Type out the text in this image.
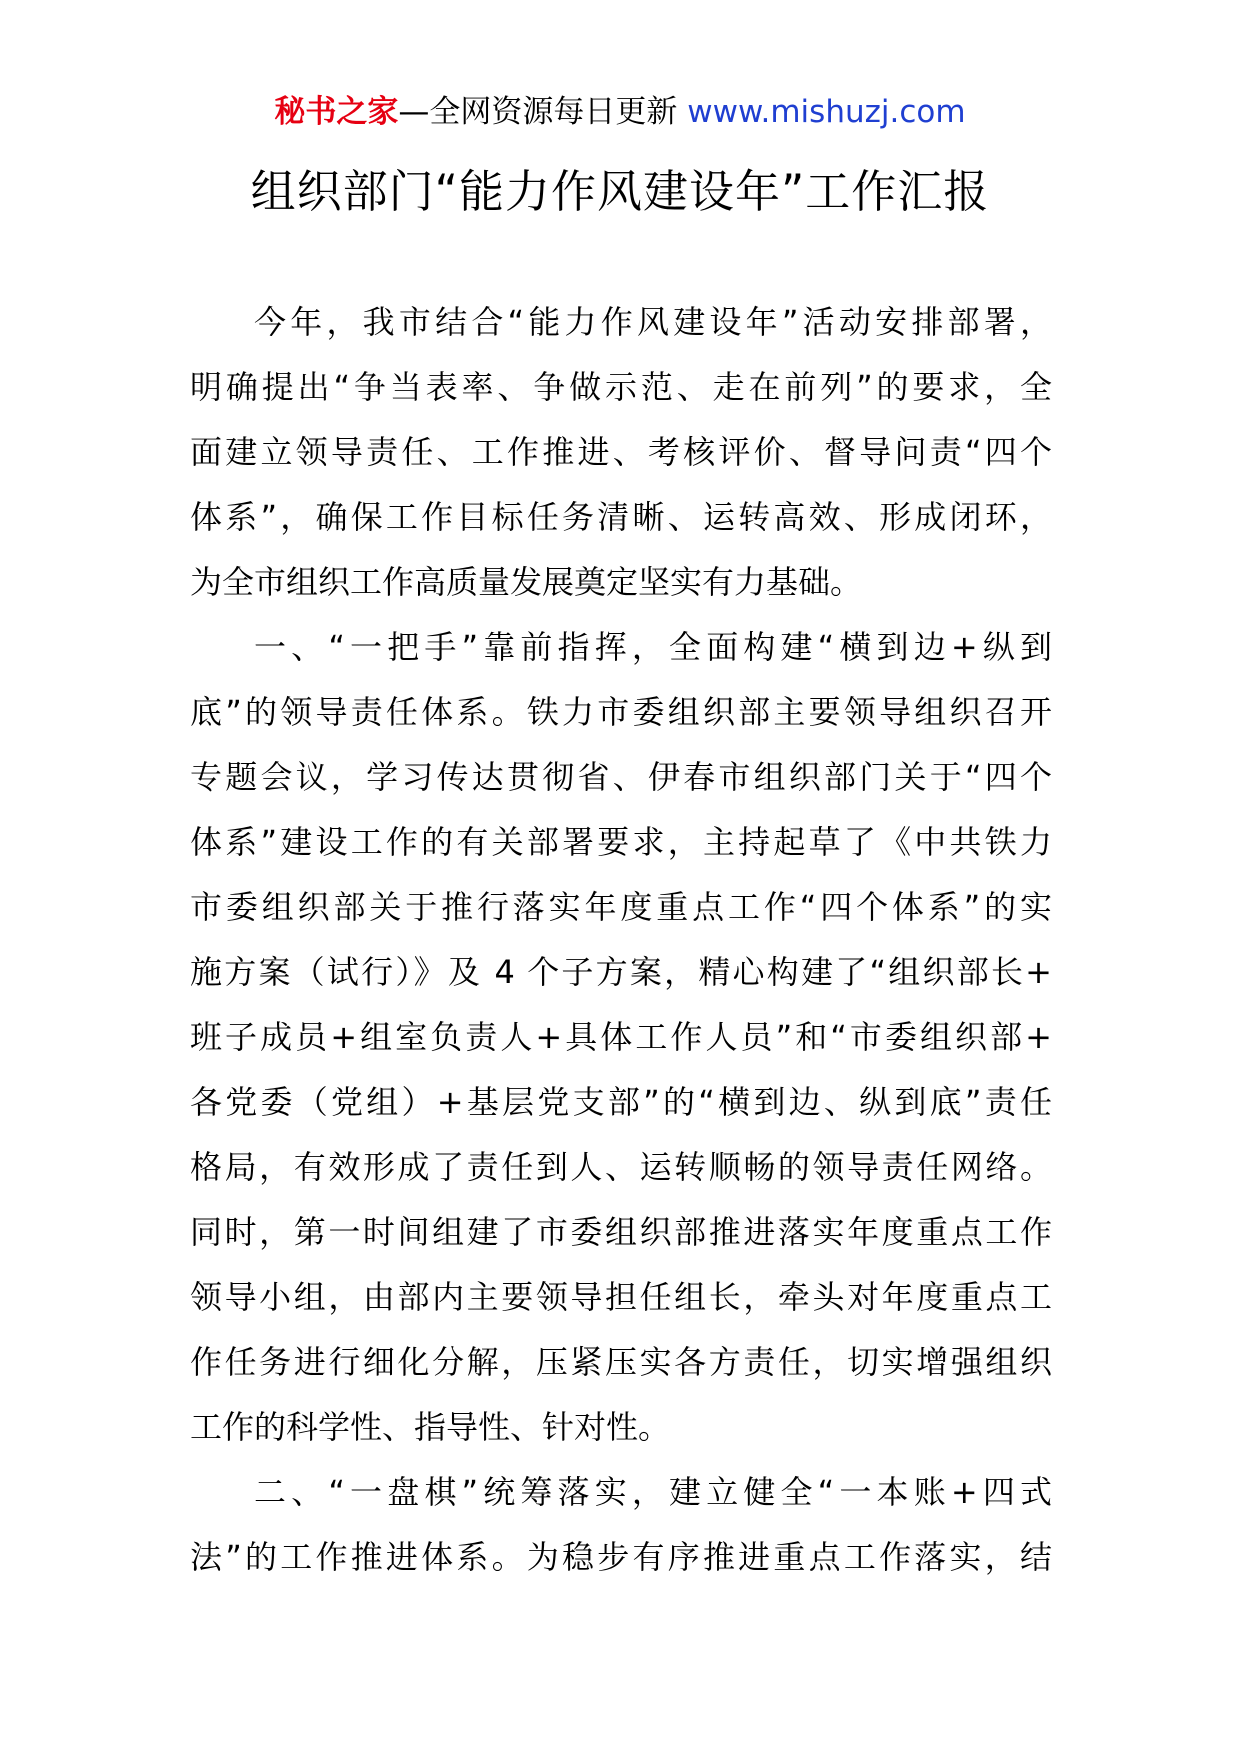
秘书之家—全网资源每日更新 www.mishuzj.com
组织部门“能力作风建设年”工作汇报
今年，我市结合“能力作风建设年”活动安排部署，
明确提出“争当表率、争做示范、走在前列”的要求，全
面建立领导责任、工作推进、考核评价、督导问责“四个
体系”，确保工作目标任务清晰、运转高效、形成闭环，
为全市组织工作高质量发展奠定坚实有力基础。
一、“一把手”靠前指挥，全面构建“横到边+纵到
底”的领导责任体系。铁力市委组织部主要领导组织召开
专题会议，学习传达贯彻省、伊春市组织部门关于“四个
体系”建设工作的有关部署要求，主持起草了《中共铁力
市委组织部关于推行落实年度重点工作“四个体系”的实
施方案（试行）》及 4 个子方案，精心构建了“组织部长+
班子成员+组室负责人+具体工作人员”和“市委组织部+
各党委（党组）+基层党支部”的“横到边、纵到底”责任
格局，有效形成了责任到人、运转顺畅的领导责任网络。
同时，第一时间组建了市委组织部推进落实年度重点工作
领导小组，由部内主要领导担任组长，牵头对年度重点工
作任务进行细化分解，压紧压实各方责任，切实增强组织
工作的科学性、指导性、针对性。
二、“一盘棋”统筹落实，建立健全“一本账+四式
法”的工作推进体系。为稳步有序推进重点工作落实，结
